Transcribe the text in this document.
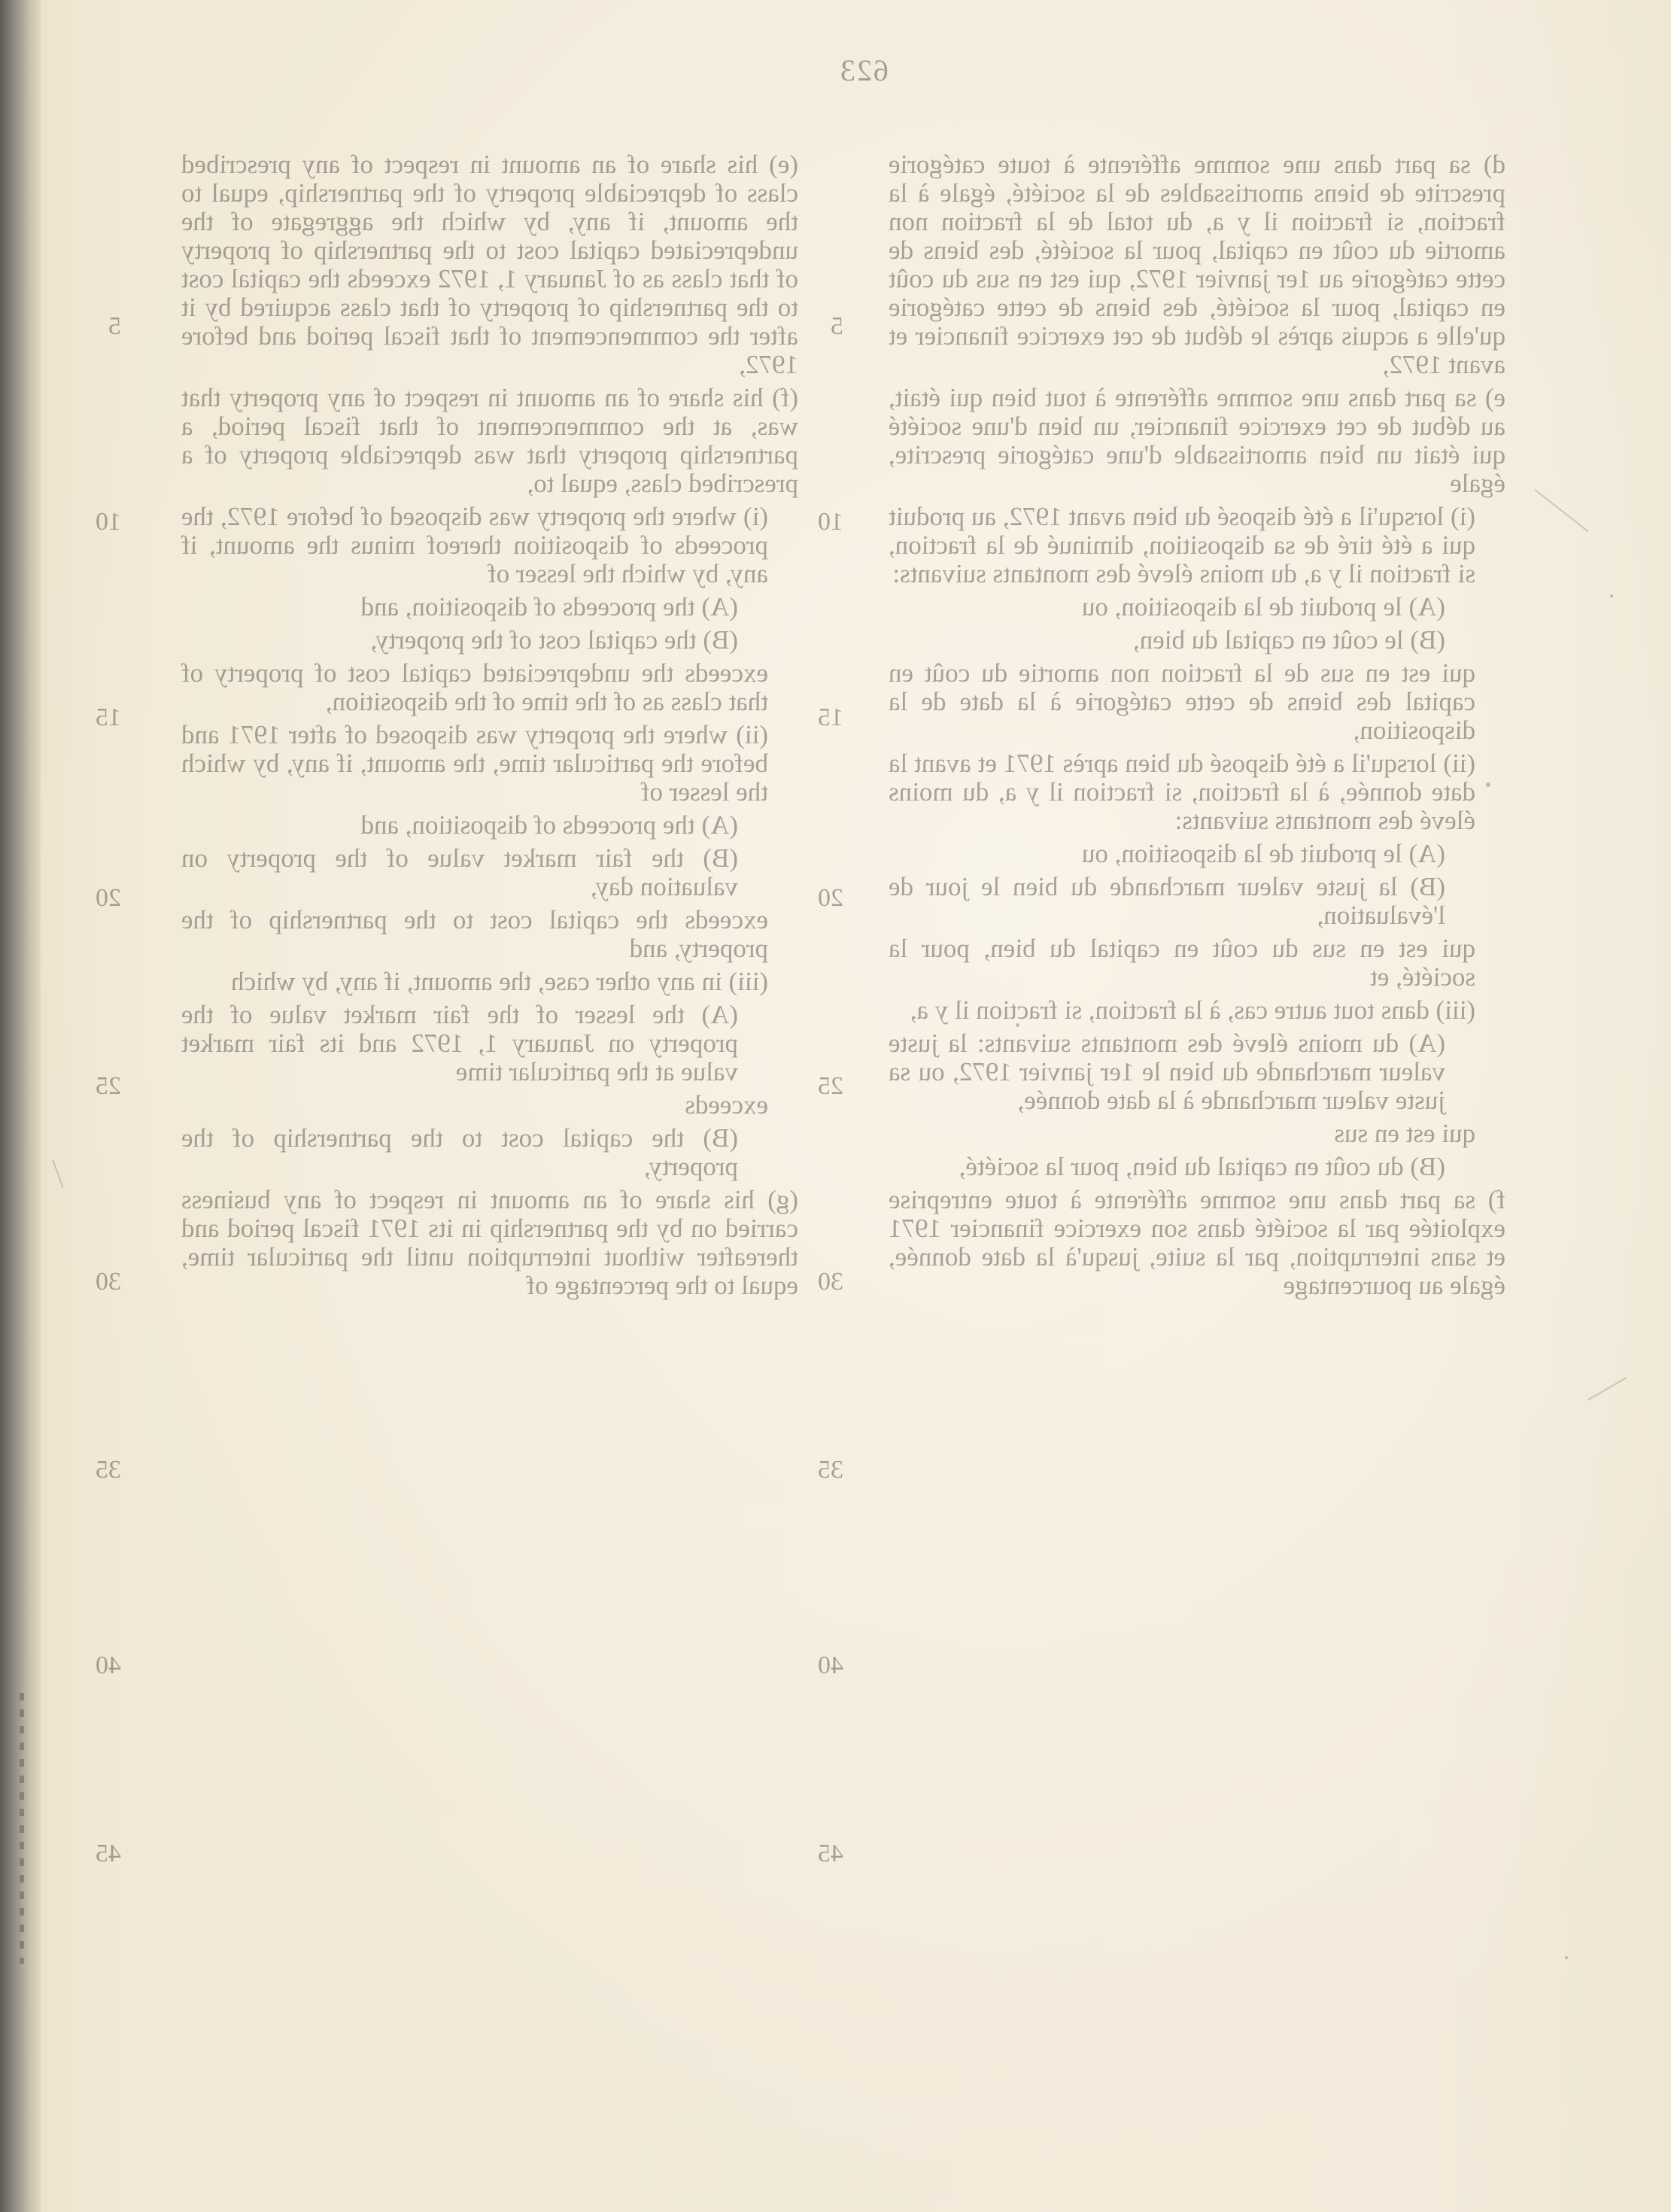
623

(e) his share of an amount in respect of any prescribed class of depreciable property of the partnership, equal to the amount, if any, by which the aggregate of the undepreciated capital cost to the partnership of property of that class as of January 1, 1972 exceeds the capital cost to the partnership of property of that class acquired by it after the commencement of that fiscal period and before 1972,

(f) his share of an amount in respect of any property that was, at the commencement of that fiscal period, a partnership property that was depreciable property of a prescribed class, equal to,

(i) where the property was disposed of before 1972, the proceeds of disposition thereof minus the amount, if any, by which the lesser of

(A) the proceeds of disposition, and

(B) the capital cost of the property,

exceeds the undepreciated capital cost of property of that class as of the time of the disposition,

(ii) where the property was disposed of after 1971 and before the particular time, the amount, if any, by which the lesser of

(A) the proceeds of disposition, and

(B) the fair market value of the property on valuation day,

exceeds the capital cost to the partnership of the property, and

(iii) in any other case, the amount, if any, by which

(A) the lesser of the fair market value of the property on January 1, 1972 and its fair market value at the particular time

exceeds

(B) the capital cost to the partnership of the property,

(g) his share of an amount in respect of any business carried on by the partnership in its 1971 fiscal period and thereafter without interruption until the particular time, equal to the percentage of

5
10
15
20
25
30
35
40
45

d) sa part dans une somme afférente à toute catégorie prescrite de biens amortissables de la société, égale à la fraction, si fraction il y a, du total de la fraction non amortie du coût en capital, pour la société, des biens de cette catégorie au 1er janvier 1972, qui est en sus du coût en capital, pour la société, des biens de cette catégorie qu'elle a acquis après le début de cet exercice financier et avant 1972,

e) sa part dans une somme afférente à tout bien qui était, au début de cet exercice financier, un bien d'une société qui était un bien amortissable d'une catégorie prescrite, égale

(i) lorsqu'il a été disposé du bien avant 1972, au produit qui a été tiré de sa disposition, diminué de la fraction, si fraction il y a, du moins élevé des montants suivants:

(A) le produit de la disposition, ou

(B) le coût en capital du bien,

qui est en sus de la fraction non amortie du coût en capital des biens de cette catégorie à la date de la disposition,

(ii) lorsqu'il a été disposé du bien après 1971 et avant la date donnée, à la fraction, si fraction il y a, du moins élevé des montants suivants:

(A) le produit de la disposition, ou

(B) la juste valeur marchande du bien le jour de l'évaluation,

qui est en sus du coût en capital du bien, pour la société, et

(iii) dans tout autre cas, à la fraction, si fraction il y a,

(A) du moins élevé des montants suivants: la juste valeur marchande du bien le 1er janvier 1972, ou sa juste valeur marchande à la date donnée,

qui est en sus

(B) du coût en capital du bien, pour la société,

f) sa part dans une somme afférente à toute entreprise exploitée par la société dans son exercice financier 1971 et sans interruption, par la suite, jusqu'à la date donnée, égale au pourcentage

5
10
15
20
25
30
35
40
45
